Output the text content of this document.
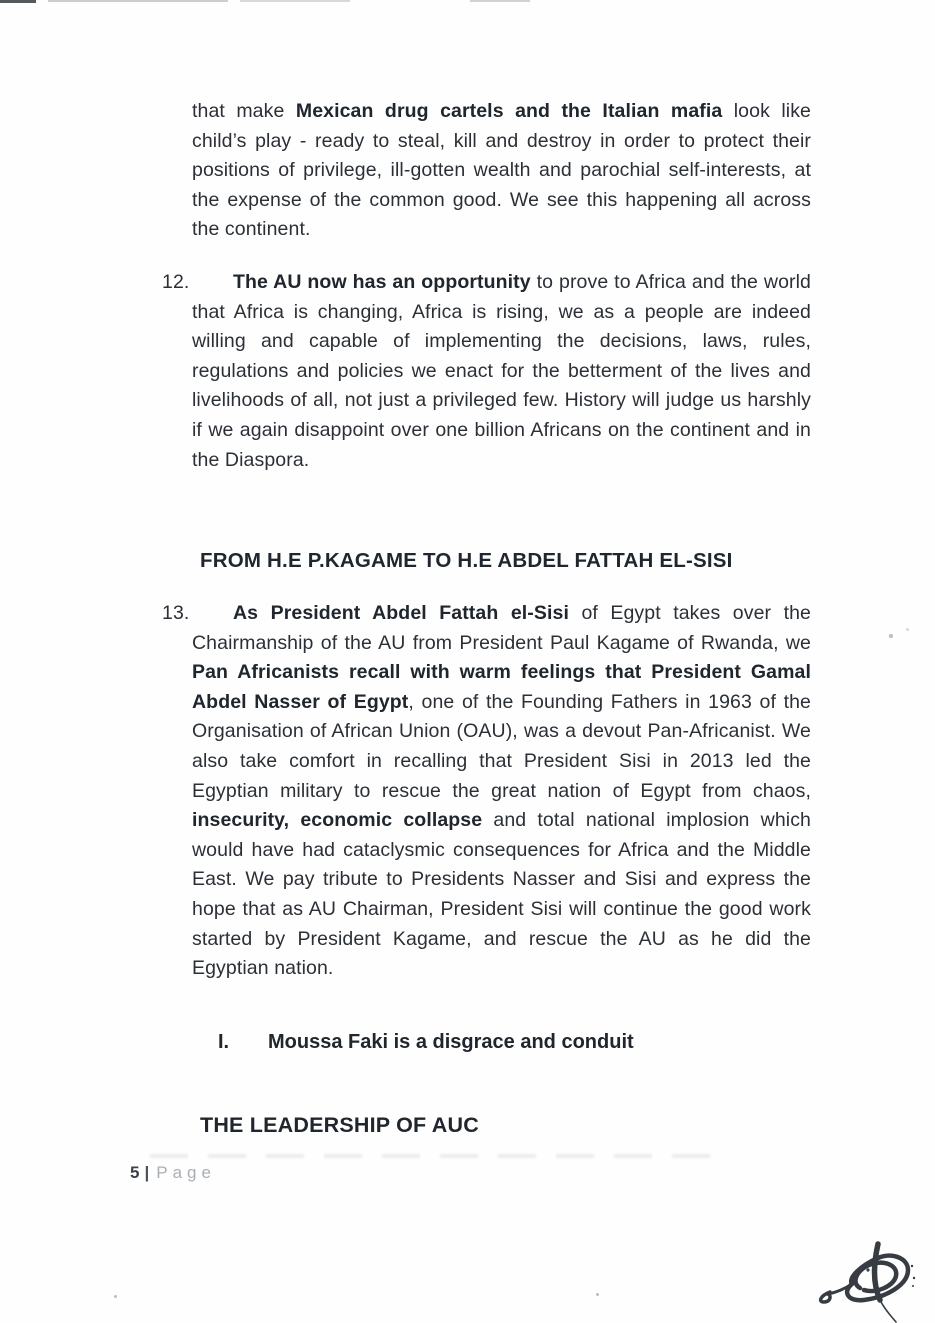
that make Mexican drug cartels and the Italian mafia look like child’s play - ready to steal, kill and destroy in order to protect their positions of privilege, ill-gotten wealth and parochial self-interests, at the expense of the common good. We see this happening all across the continent.
12. The AU now has an opportunity to prove to Africa and the world that Africa is changing, Africa is rising, we as a people are indeed willing and capable of implementing the decisions, laws, rules, regulations and policies we enact for the betterment of the lives and livelihoods of all, not just a privileged few. History will judge us harshly if we again disappoint over one billion Africans on the continent and in the Diaspora.
FROM H.E P.KAGAME TO H.E ABDEL FATTAH EL-SISI
13. As President Abdel Fattah el-Sisi of Egypt takes over the Chairmanship of the AU from President Paul Kagame of Rwanda, we Pan Africanists recall with warm feelings that President Gamal Abdel Nasser of Egypt, one of the Founding Fathers in 1963 of the Organisation of African Union (OAU), was a devout Pan-Africanist. We also take comfort in recalling that President Sisi in 2013 led the Egyptian military to rescue the great nation of Egypt from chaos, insecurity, economic collapse and total national implosion which would have had cataclysmic consequences for Africa and the Middle East. We pay tribute to Presidents Nasser and Sisi and express the hope that as AU Chairman, President Sisi will continue the good work started by President Kagame, and rescue the AU as he did the Egyptian nation.
I. Moussa Faki is a disgrace and conduit
THE LEADERSHIP OF AUC
5 | Page
